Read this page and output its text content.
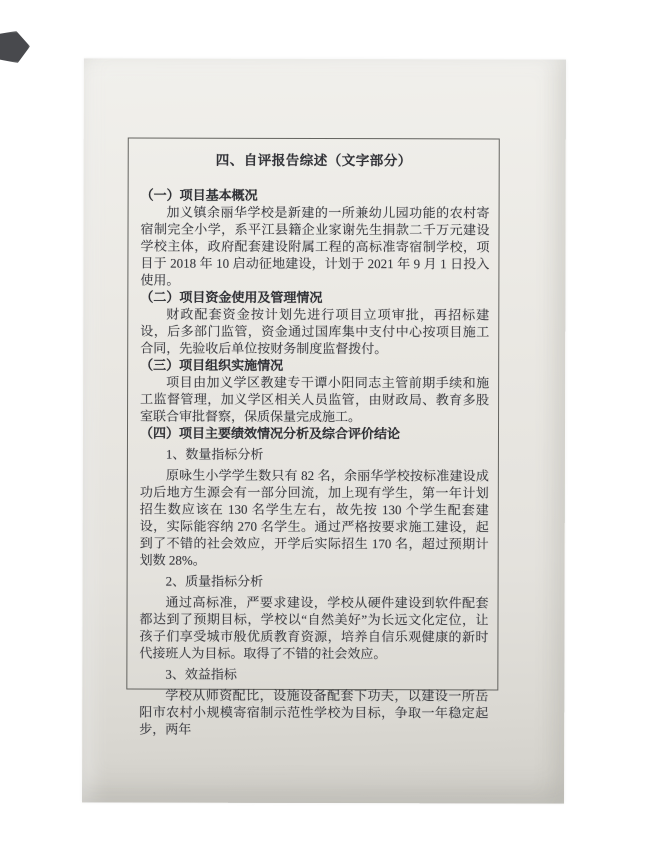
四、自评报告综述（文字部分）
（一）项目基本概况

加义镇余丽华学校是新建的一所兼幼儿园功能的农村寄宿制完全小学，系平江县籍企业家谢先生捐款二千万元建设学校主体，政府配套建设附属工程的高标准寄宿制学校，项目于 2018 年 10 启动征地建设，计划于 2021 年 9 月 1 日投入使用。

（二）项目资金使用及管理情况

财政配套资金按计划先进行项目立项审批，再招标建设，后多部门监管，资金通过国库集中支付中心按项目施工合同，先验收后单位按财务制度监督拨付。

（三）项目组织实施情况

项目由加义学区教建专干谭小阳同志主管前期手续和施工监督管理，加义学区相关人员监管，由财政局、教育多股室联合审批督察，保质保量完成施工。

（四）项目主要绩效情况分析及综合评价结论
1、数量指标分析

原咏生小学学生数只有 82 名，余丽华学校按标准建设成功后地方生源会有一部分回流，加上现有学生，第一年计划招生数应该在 130 名学生左右，故先按 130 个学生配套建设，实际能容纳 270 名学生。通过严格按要求施工建设，起到了不错的社会效应，开学后实际招生 170 名，超过预期计划数 28%。

2、质量指标分析

通过高标准，严要求建设，学校从硬件建设到软件配套都达到了预期目标，学校以“自然美好”为长远文化定位，让孩子们享受城市般优质教育资源，培养自信乐观健康的新时代接班人为目标。取得了不错的社会效应。

3、效益指标

学校从师资配比，设施设备配套下功夫，以建设一所岳阳市农村小规模寄宿制示范性学校为目标，争取一年稳定起步，两年
